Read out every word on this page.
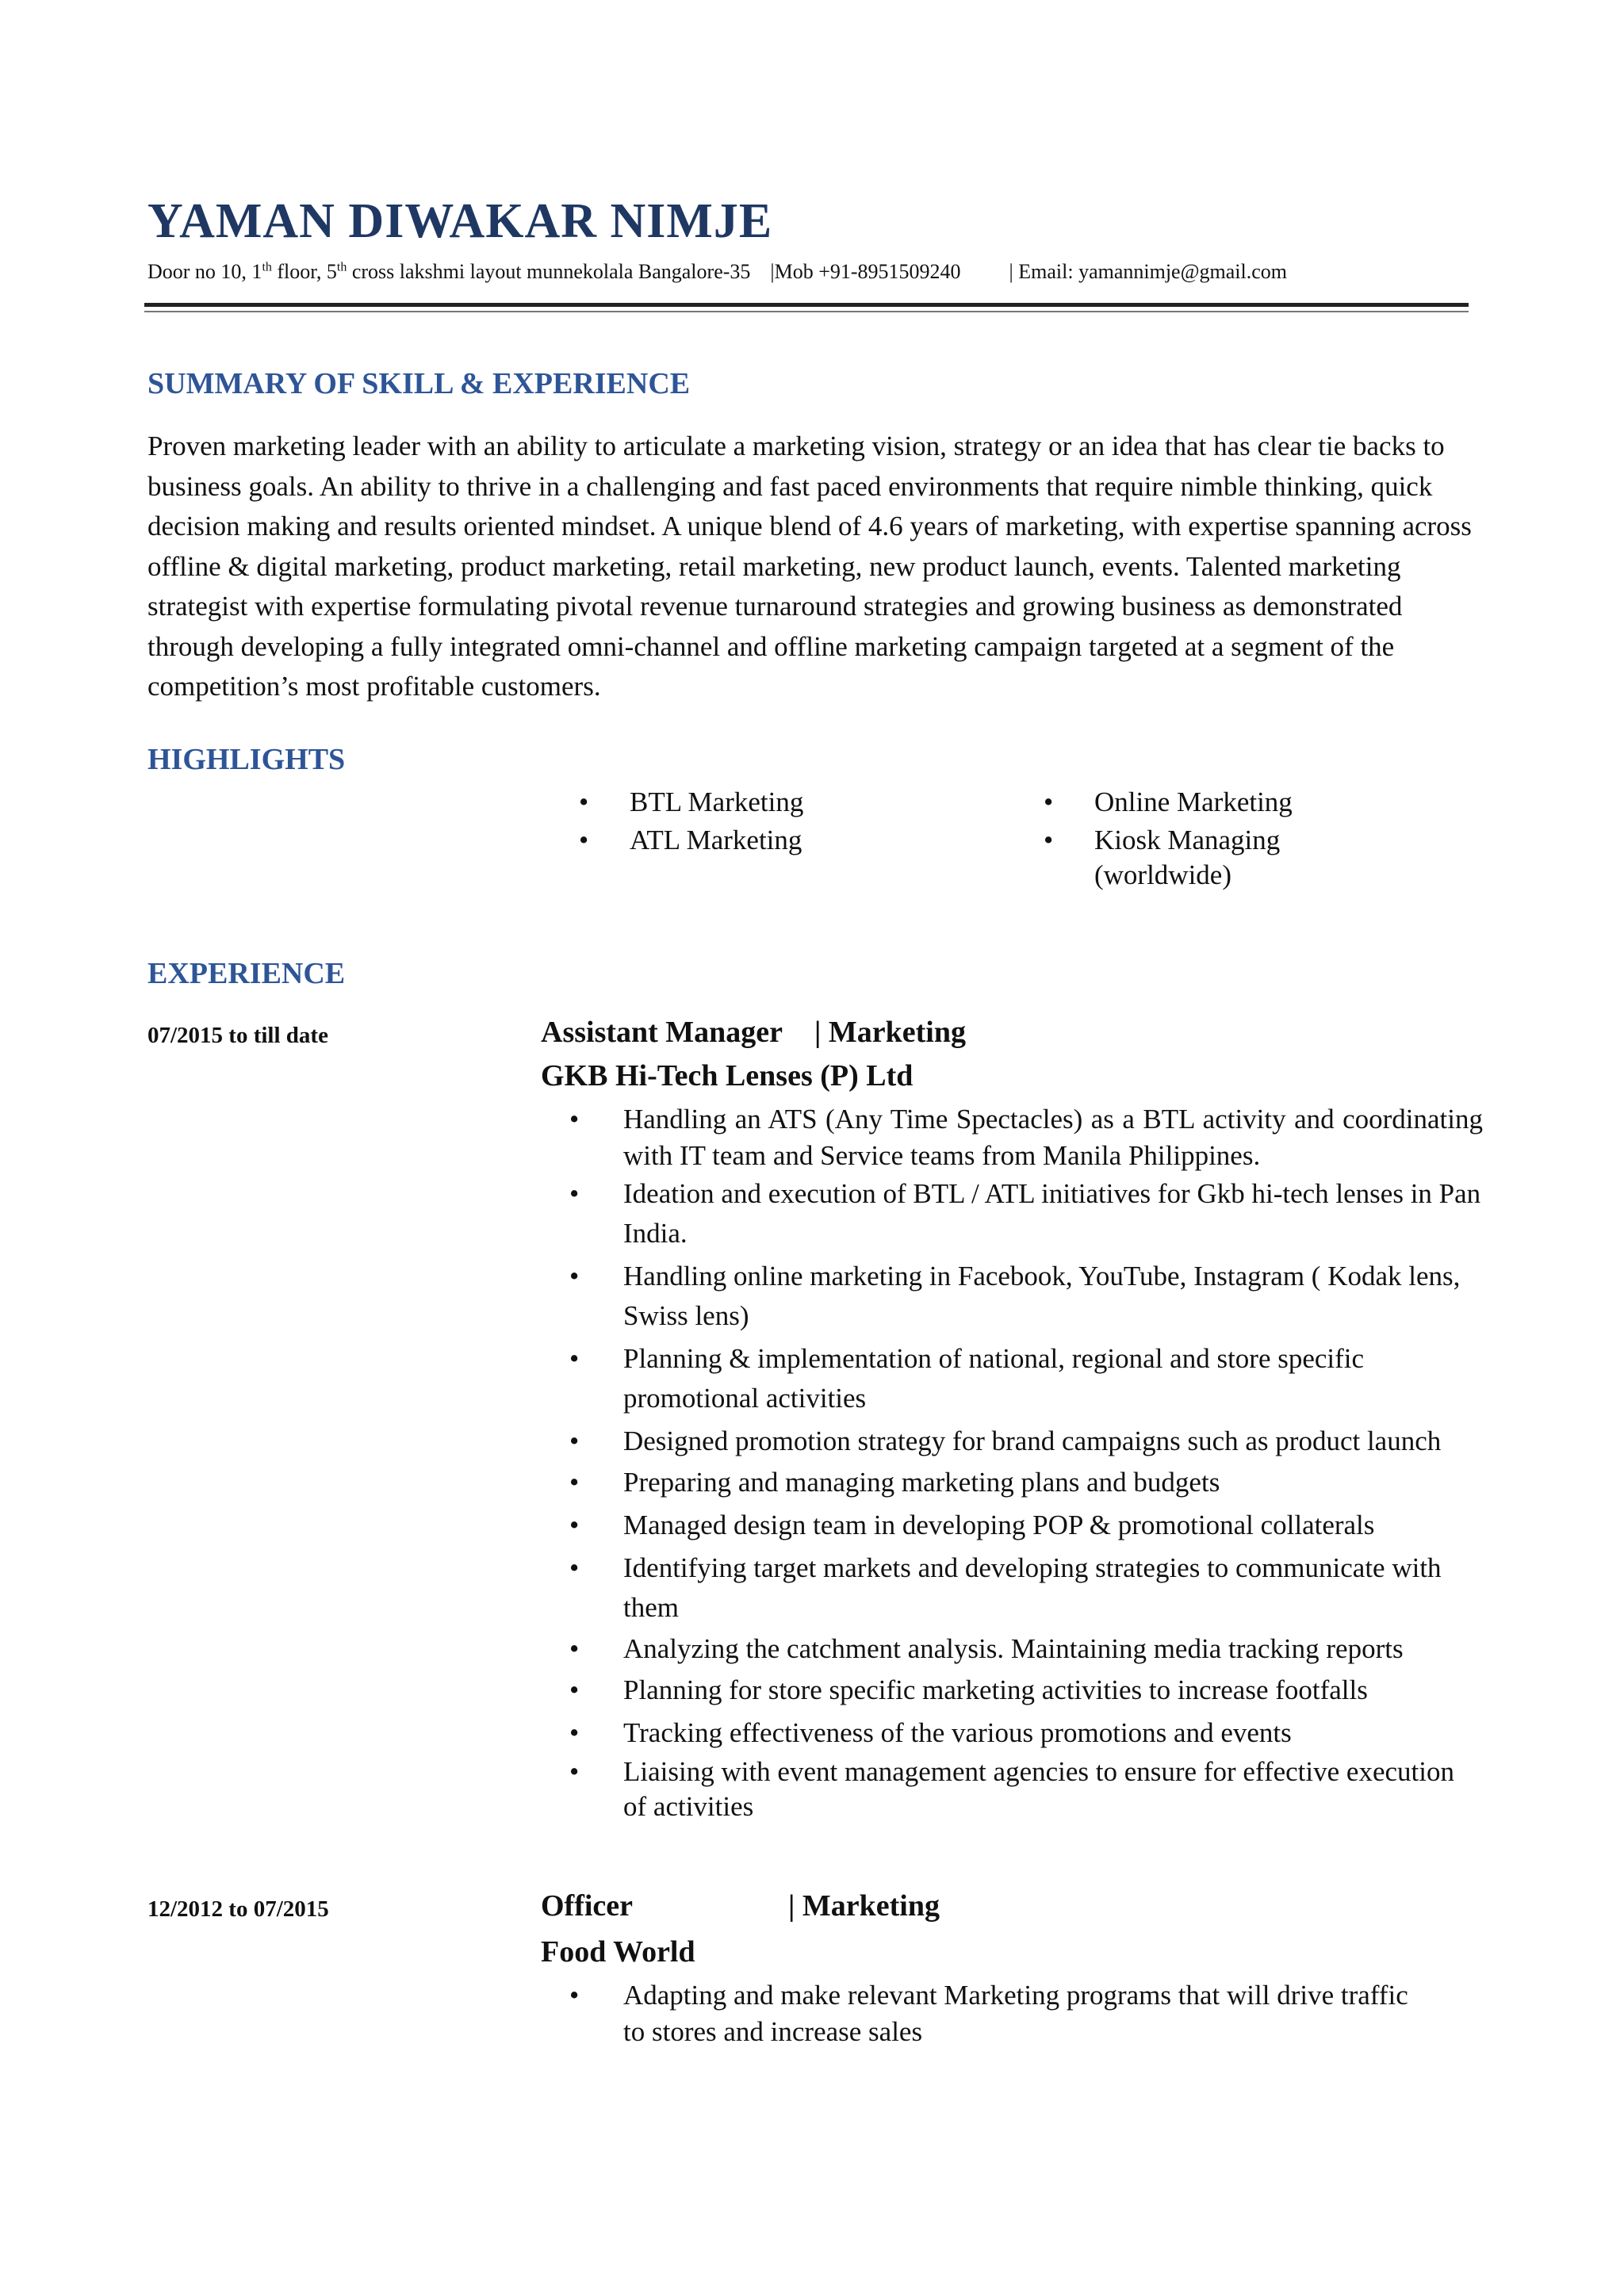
YAMAN DIWAKAR NIMJE
Door no 10, 1th floor, 5th cross lakshmi layout munnekolala Bangalore-35 |Mob +91-8951509240 | Email: yamannimje@gmail.com
SUMMARY OF SKILL & EXPERIENCE
Proven marketing leader with an ability to articulate a marketing vision, strategy or an idea that has clear tie backs to business goals. An ability to thrive in a challenging and fast paced environments that require nimble thinking, quick decision making and results oriented mindset. A unique blend of 4.6 years of marketing, with expertise spanning across offline & digital marketing, product marketing, retail marketing, new product launch, events. Talented marketing strategist with expertise formulating pivotal revenue turnaround strategies and growing business as demonstrated through developing a fully integrated omni-channel and offline marketing campaign targeted at a segment of the competition’s most profitable customers.
HIGHLIGHTS
• BTL Marketing
• ATL Marketing
• Online Marketing
• Kiosk Managing (worldwide)
EXPERIENCE
07/2015 to till date	Assistant Manager | Marketing
GKB Hi-Tech Lenses (P) Ltd
• Handling an ATS (Any Time Spectacles) as a BTL activity and coordinating with IT team and Service teams from Manila Philippines.
• Ideation and execution of BTL / ATL initiatives for Gkb hi-tech lenses in Pan India.
• Handling online marketing in Facebook, YouTube, Instagram ( Kodak lens, Swiss lens)
• Planning & implementation of national, regional and store specific promotional activities
• Designed promotion strategy for brand campaigns such as product launch
• Preparing and managing marketing plans and budgets
• Managed design team in developing POP & promotional collaterals
• Identifying target markets and developing strategies to communicate with them
• Analyzing the catchment analysis. Maintaining media tracking reports
• Planning for store specific marketing activities to increase footfalls
• Tracking effectiveness of the various promotions and events
• Liaising with event management agencies to ensure for effective execution of activities
12/2012 to 07/2015	Officer	| Marketing
Food World
• Adapting and make relevant Marketing programs that will drive traffic to stores and increase sales
